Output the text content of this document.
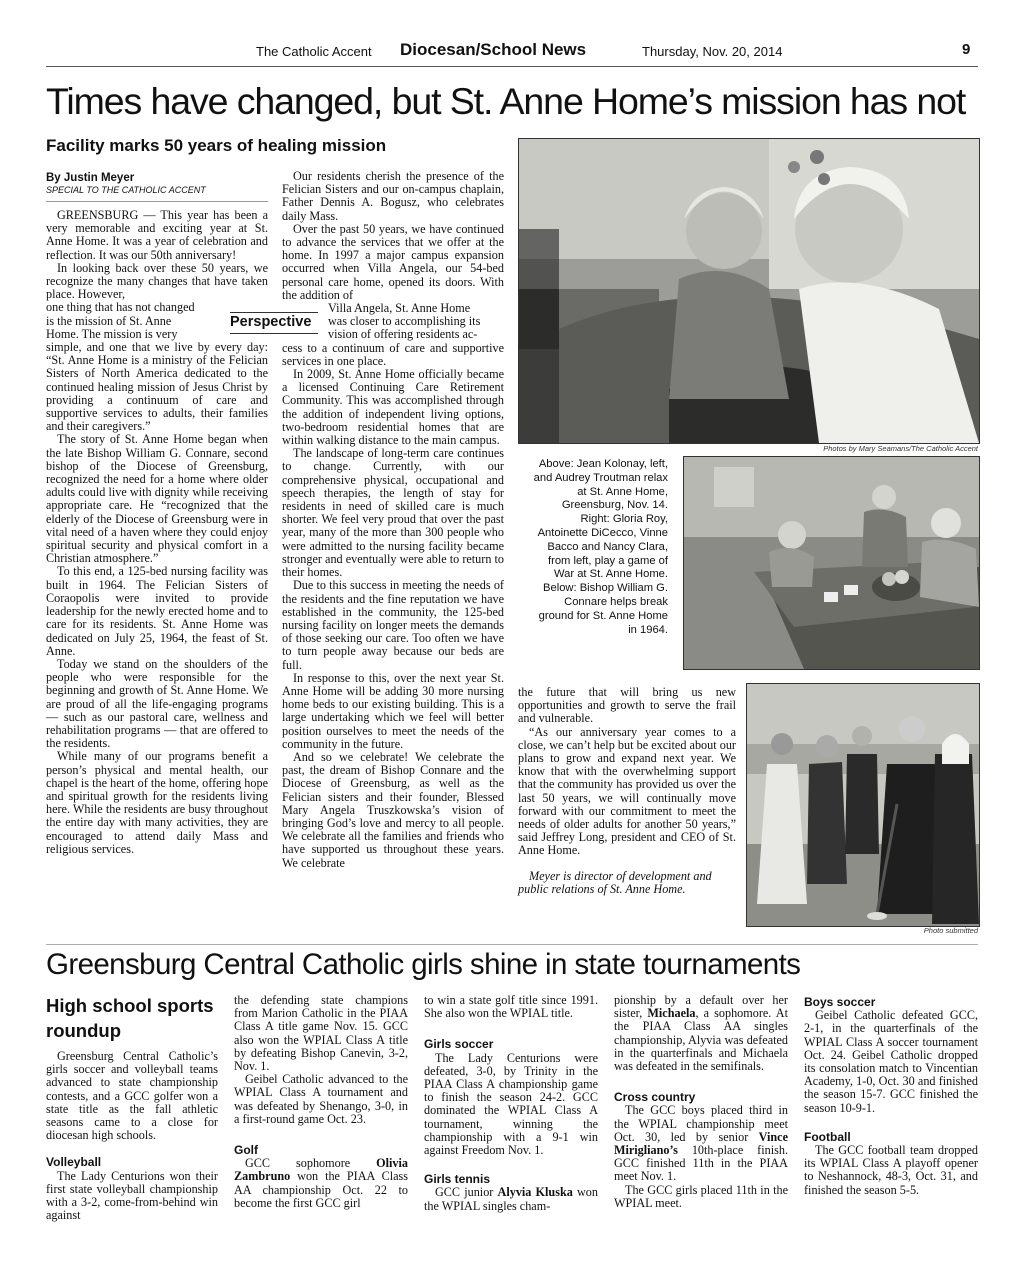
The Catholic Accent Diocesan/School News	Thursday, Nov. 20, 2014	9
Times have changed, but St. Anne Home’s mission has not
Facility marks 50 years of healing mission
By Justin Meyer
SPECIAL TO THE CATHOLIC ACCENT

GREENSBURG — This year has been a very memorable and exciting year at St. Anne Home. It was a year of celebration and reflection. It was our 50th anniversary!

In looking back over these 50 years, we recognize the many changes that have taken place. However,

one thing that has not changed

is the mission of St. Anne

Home. The mission is very

simple, and one that we live by every day: “St. Anne Home is a ministry of the Felician Sisters of North America dedicated to the continued healing mission of Jesus Christ by providing a continuum of care and supportive services to adults, their families and their caregivers.”

The story of St. Anne Home began when the late Bishop William G. Connare, second bishop of the Diocese of Greensburg, recognized the need for a home where older adults could live with dignity while receiving appropriate care. He “recognized that the elderly of the Diocese of Greensburg were in vital need of a haven where they could enjoy spiritual security and physical comfort in a Christian atmosphere.”

To this end, a 125-bed nursing facility was built in 1964. The Felician Sisters of Coraopolis were invited to provide leadership for the newly erected home and to care for its residents. St. Anne Home was dedicated on July 25, 1964, the feast of St. Anne.

Today we stand on the shoulders of the people who were responsible for the beginning and growth of St. Anne Home. We are proud of all the life-engaging programs — such as our pastoral care, wellness and rehabilitation programs — that are offered to the residents.

While many of our programs benefit a person’s physical and mental health, our chapel is the heart of the home, offering hope and spiritual growth for the residents living here. While the residents are busy throughout the entire day with many activities, they are encouraged to attend daily Mass and religious services.

Perspective

Our residents cherish the presence of the Felician Sisters and our on-campus chaplain, Father Dennis A. Bogusz, who celebrates daily Mass.

Over the past 50 years, we have continued to advance the services that we offer at the home. In 1997 a major campus expansion occurred when Villa Angela, our 54-bed personal care home, opened its doors. With the addition of

Villa Angela, St. Anne Home

was closer to accomplishing its

vision of offering residents ac-

cess to a continuum of care and supportive services in one place.

In 2009, St. Anne Home officially became a licensed Continuing Care Retirement Community. This was accomplished through the addition of independent living options, two-bedroom residential homes that are within walking distance to the main campus.

The landscape of long-term care continues to change. Currently, with our comprehensive physical, occupational and speech therapies, the length of stay for residents in need of skilled care is much shorter. We feel very proud that over the past year, many of the more than 300 people who were admitted to the nursing facility became stronger and eventually were able to return to their homes.

Due to this success in meeting the needs of the residents and the fine reputation we have established in the community, the 125-bed nursing facility on longer meets the demands of those seeking our care. Too often we have to turn people away because our beds are full.

In response to this, over the next year St. Anne Home will be adding 30 more nursing home beds to our existing building. This is a large undertaking which we feel will better position ourselves to meet the needs of the community in the future.

And so we celebrate! We celebrate the past, the dream of Bishop Connare and the Diocese of Greensburg, as well as the Felician sisters and their founder, Blessed Mary Angela Truszkowska’s vision of bringing God’s love and mercy to all people. We celebrate all the families and friends who have supported us throughout these years. We celebrate

Photos by Mary Seamans/The Catholic Accent
Above: Jean Kolonay, left, and Audrey Troutman relax at St. Anne Home, Greensburg, Nov. 14. Right: Gloria Roy, Antoinette DiCecco, Vinne Bacco and Nancy Clara, from left, play a game of War at St. Anne Home. Below: Bishop William G. Connare helps break ground for St. Anne Home in 1964.

the future that will bring us new opportunities and growth to serve the frail and vulnerable.

“As our anniversary year comes to a close, we can’t help but be excited about our plans to grow and expand next year. We know that with the overwhelming support that the community has provided us over the last 50 years, we will continually move forward with our commitment to meet the needs of older adults for another 50 years,” said Jeffrey Long, president and CEO of St. Anne Home.

Meyer is director of development and public relations of St. Anne Home.

Photo submitted
Greensburg Central Catholic girls shine in state tournaments
High school sports roundup

Greensburg Central Catholic’s girls soccer and volleyball teams advanced to state championship contests, and a GCC golfer won a state title as the fall athletic seasons came to a close for diocesan high schools.

Volleyball

The Lady Centurions won their first state volleyball championship with a 3-2, come-from-behind win against

the defending state champions from Marion Catholic in the PIAA Class A title game Nov. 15. GCC also won the WPIAL Class A title by defeating Bishop Canevin, 3-2, Nov. 1.

Geibel Catholic advanced to the WPIAL Class A tournament and was defeated by Shenango, 3-0, in a first-round game Oct. 23.

Golf

GCC sophomore Olivia Zambruno won the PIAA Class AA championship Oct. 22 to become the first GCC girl

to win a state golf title since 1991. She also won the WPIAL title.

Girls soccer

The Lady Centurions were defeated, 3-0, by Trinity in the PIAA Class A championship game to finish the season 24-2. GCC dominated the WPIAL Class A tournament, winning the championship with a 9-1 win against Freedom Nov. 1.

Girls tennis

GCC junior Alyvia Kluska won the WPIAL singles cham-

pionship by a default over her sister, Michaela, a sophomore. At the PIAA Class AA singles championship, Alyvia was defeated in the quarterfinals and Michaela was defeated in the semifinals.

Cross country

The GCC boys placed third in the WPIAL championship meet Oct. 30, led by senior Vince Mirigliano’s 10th-place finish. GCC finished 11th in the PIAA meet Nov. 1.

The GCC girls placed 11th in the WPIAL meet.

Boys soccer

Geibel Catholic defeated GCC, 2-1, in the quarterfinals of the WPIAL Class A soccer tournament Oct. 24. Geibel Catholic dropped its consolation match to Vincentian Academy, 1-0, Oct. 30 and finished the season 15-7. GCC finished the season 10-9-1.

Football

The GCC football team dropped its WPIAL Class A playoff opener to Neshannock, 48-3, Oct. 31, and finished the season 5-5.
